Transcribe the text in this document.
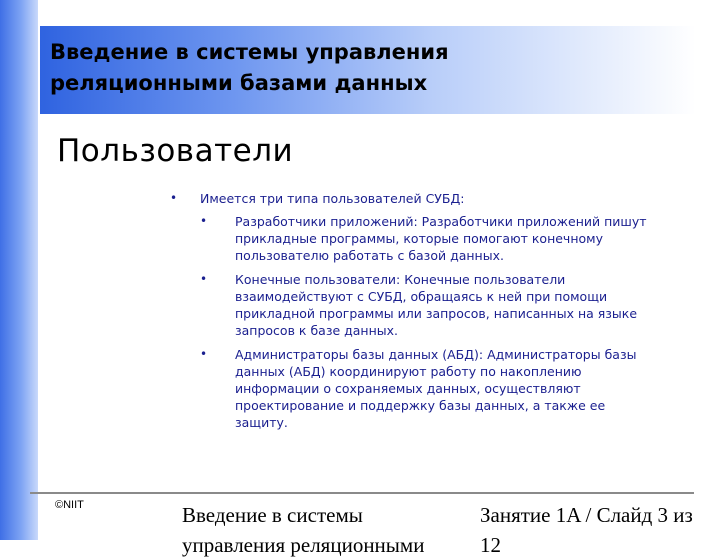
Введение в системы управления
реляционными базами данных
Пользователи
• Имеется три типа пользователей СУБД:
• Разработчики приложений: Разработчики приложений пишут прикладные программы, которые помогают конечному пользователю работать с базой данных.
• Конечные пользователи: Конечные пользователи взаимодействуют с СУБД, обращаясь к ней при помощи прикладной программы или запросов, написанных на языке запросов к базе данных.
• Администраторы базы данных (АБД): Администраторы базы данных (АБД) координируют работу по накоплению информации о сохраняемых данных, осуществляют проектирование и поддержку базы данных, а также ее защиту.
©NIIT	Введение в системы управления реляционными
Занятие 1A / Слайд 3 из 12
